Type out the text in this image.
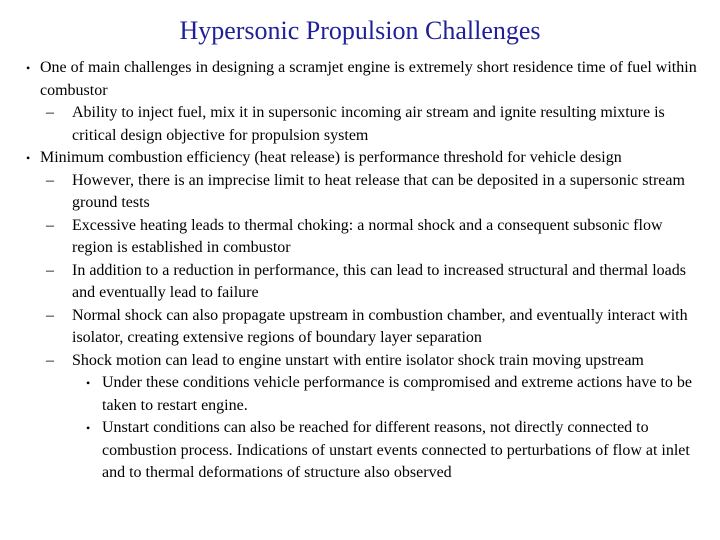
Hypersonic Propulsion Challenges
• One of main challenges in designing a scramjet engine is extremely short residence time of fuel within combustor
– Ability to inject fuel, mix it in supersonic incoming air stream and ignite resulting mixture is critical design objective for propulsion system
• Minimum combustion efficiency (heat release) is performance threshold for vehicle design
– However, there is an imprecise limit to heat release that can be deposited in a supersonic stream ground tests
– Excessive heating leads to thermal choking: a normal shock and a consequent subsonic flow region is established in combustor
– In addition to a reduction in performance, this can lead to increased structural and thermal loads and eventually lead to failure
– Normal shock can also propagate upstream in combustion chamber, and eventually interact with isolator, creating extensive regions of boundary layer separation
– Shock motion can lead to engine unstart with entire isolator shock train moving upstream
• Under these conditions vehicle performance is compromised and extreme actions have to be taken to restart engine.
• Unstart conditions can also be reached for different reasons, not directly connected to combustion process. Indications of unstart events connected to perturbations of flow at inlet and to thermal deformations of structure also observed
